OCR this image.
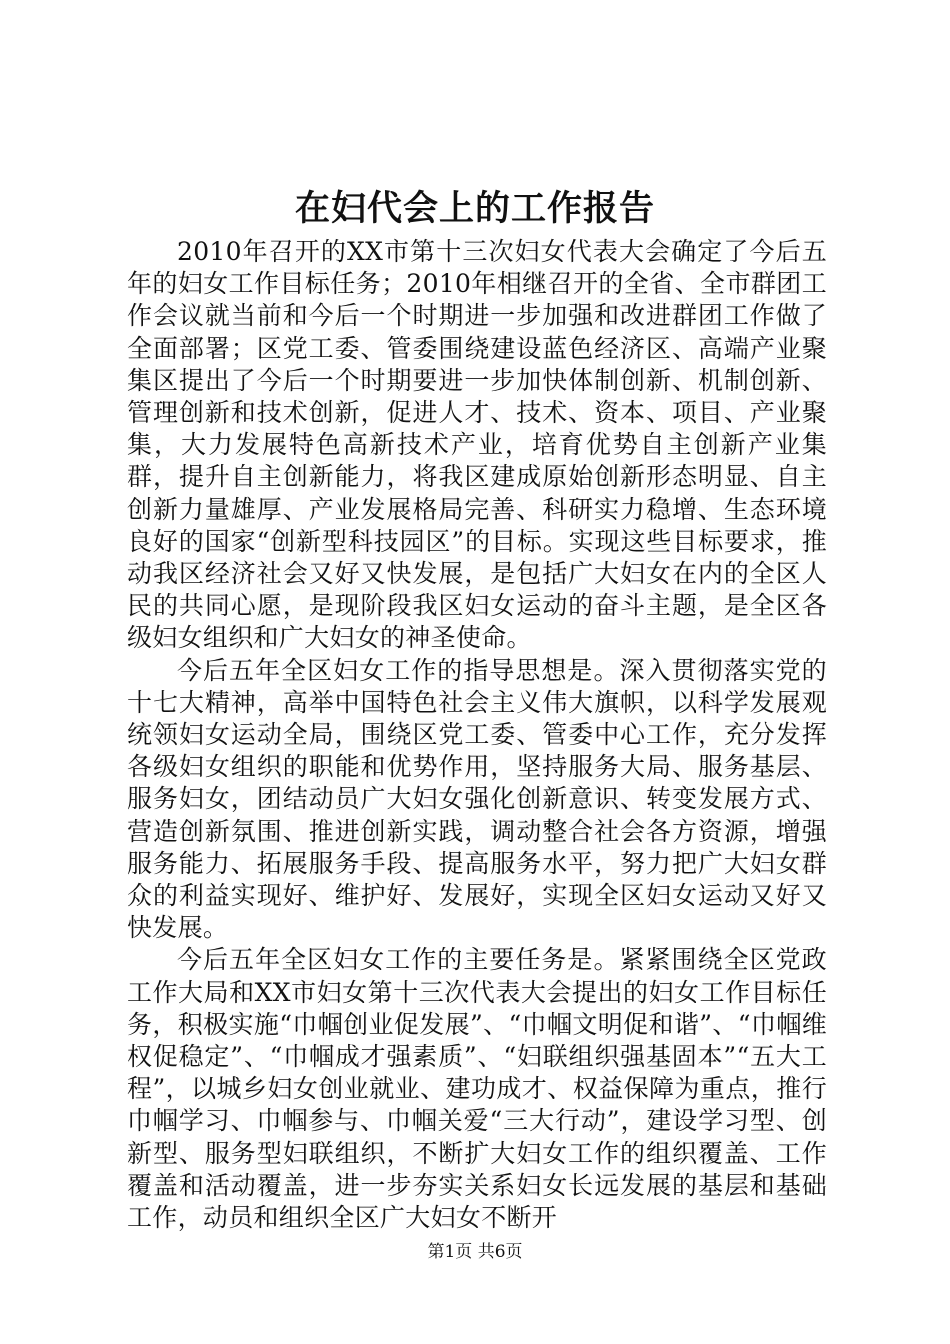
在妇代会上的工作报告

2010年召开的XX市第十三次妇女代表大会确定了今后五年的妇女工作目标任务；2010年相继召开的全省、全市群团工作会议就当前和今后一个时期进一步加强和改进群团工作做了全面部署；区党工委、管委围绕建设蓝色经济区、高端产业聚集区提出了今后一个时期要进一步加快体制创新、机制创新、管理创新和技术创新，促进人才、技术、资本、项目、产业聚集，大力发展特色高新技术产业，培育优势自主创新产业集群，提升自主创新能力，将我区建成原始创新形态明显、自主创新力量雄厚、产业发展格局完善、科研实力稳增、生态环境良好的国家“创新型科技园区”的目标。实现这些目标要求，推动我区经济社会又好又快发展，是包括广大妇女在内的全区人民的共同心愿，是现阶段我区妇女运动的奋斗主题，是全区各级妇女组织和广大妇女的神圣使命。

今后五年全区妇女工作的指导思想是。深入贯彻落实党的十七大精神，高举中国特色社会主义伟大旗帜，以科学发展观统领妇女运动全局，围绕区党工委、管委中心工作，充分发挥各级妇女组织的职能和优势作用，坚持服务大局、服务基层、服务妇女，团结动员广大妇女强化创新意识、转变发展方式、营造创新氛围、推进创新实践，调动整合社会各方资源，增强服务能力、拓展服务手段、提高服务水平，努力把广大妇女群众的利益实现好、维护好、发展好，实现全区妇女运动又好又快发展。

今后五年全区妇女工作的主要任务是。紧紧围绕全区党政工作大局和XX市妇女第十三次代表大会提出的妇女工作目标任务，积极实施“巾帼创业促发展”、“巾帼文明促和谐”、“巾帼维权促稳定”、“巾帼成才强素质”、“妇联组织强基固本”“五大工程”，以城乡妇女创业就业、建功成才、权益保障为重点，推行巾帼学习、巾帼参与、巾帼关爱“三大行动”，建设学习型、创新型、服务型妇联组织，不断扩大妇女工作的组织覆盖、工作覆盖和活动覆盖，进一步夯实关系妇女长远发展的基层和基础工作，动员和组织全区广大妇女不断开

第1页 共6页
